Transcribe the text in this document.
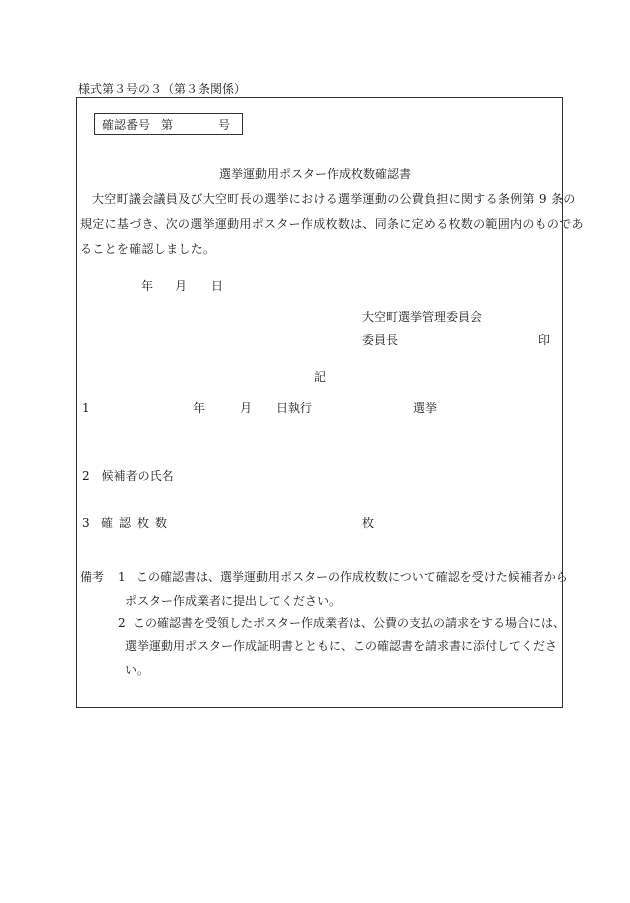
様式第３号の３（第３条関係）
確認番号 第	号
選挙運動用ポスター作成枚数確認書
大空町議会議員及び大空町長の選挙における選挙運動の公費負担に関する条例第 9 条の
規定に基づき、次の選挙運動用ポスター作成枚数は、同条に定める枚数の範囲内のものであ
ることを確認しました。
年 月 日
大空町選挙管理委員会
委員長	印
記
1	年	月 日執行	選挙
2　候補者の氏名
3 確認枚数	枚
備考 1 この確認書は、選挙運動用ポスターの作成枚数について確認を受けた候補者から
ポスター作成業者に提出してください。
2 この確認書を受領したポスター作成業者は、公費の支払の請求をする場合には、
選挙運動用ポスター作成証明書とともに、この確認書を請求書に添付してくださ
い。
